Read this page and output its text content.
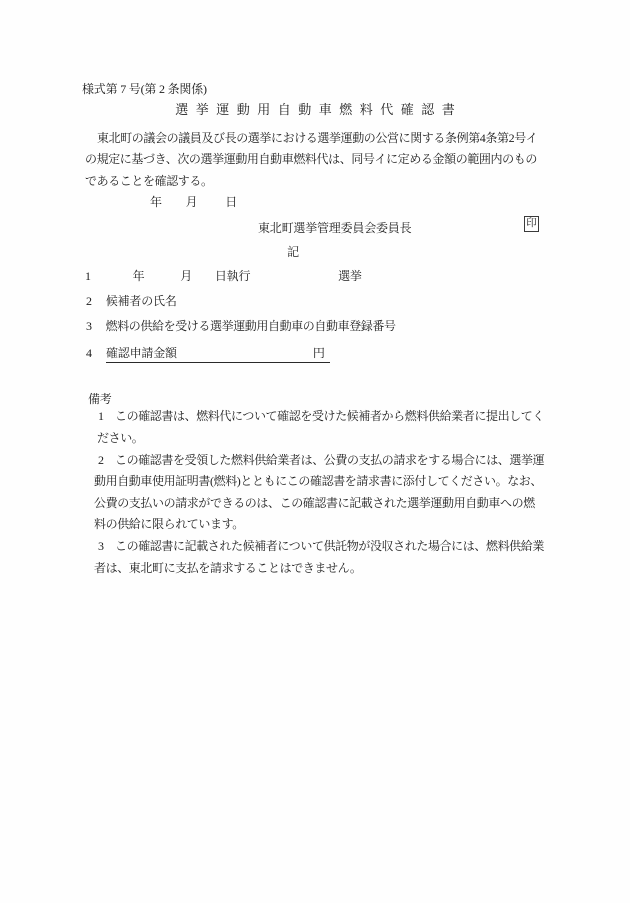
様式第 7 号(第 2 条関係)
選挙運動用自動車燃料代確認書
東北町の議会の議員及び長の選挙における選挙運動の公営に関する条例第4条第2号イ
の規定に基づき、次の選挙運動用自動車燃料代は、同号イに定める金額の範囲内のもの
であることを確認する。
年 月 日
東北町選挙管理委員会委員長	印
記
1	年	月 日執行	選挙
2 候補者の氏名
3 燃料の供給を受ける選挙運動用自動車の自動車登録番号
4 確認申請金額	円
備考
1 この確認書は、燃料代について確認を受けた候補者から燃料供給業者に提出してく
ださい。
2 この確認書を受領した燃料供給業者は、公費の支払の請求をする場合には、選挙運
動用自動車使用証明書(燃料)とともにこの確認書を請求書に添付してください。なお、
公費の支払いの請求ができるのは、この確認書に記載された選挙運動用自動車への燃
料の供給に限られています。
3 この確認書に記載された候補者について供託物が没収された場合には、燃料供給業
者は、東北町に支払を請求することはできません。
